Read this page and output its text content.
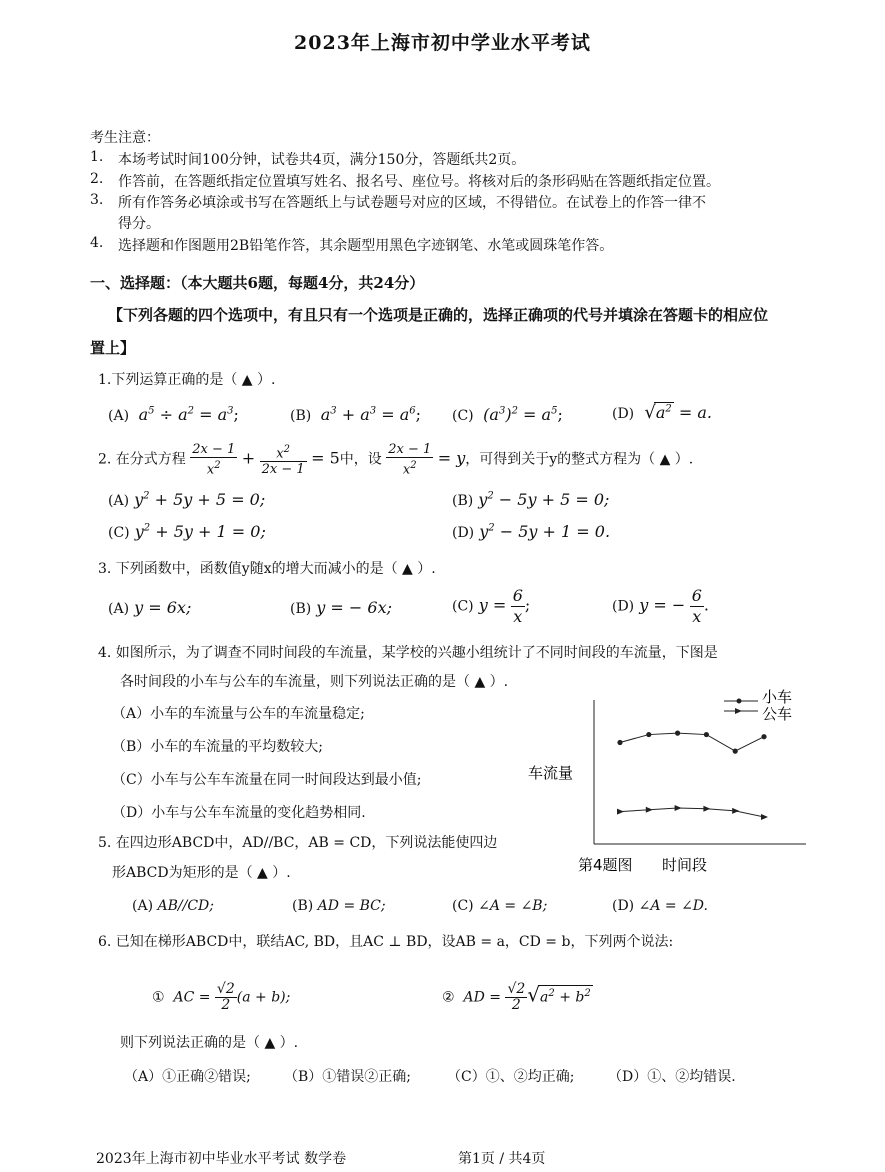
2023年上海市初中学业水平考试
考生注意：
1. 本场考试时间100分钟，试卷共4页，满分150分，答题纸共2页。
2. 作答前，在答题纸指定位置填写姓名、报名号、座位号。将核对后的条形码贴在答题纸指定位置。
3. 所有作答务必填涂或书写在答题纸上与试卷题号对应的区域，不得错位。在试卷上的作答一律不
得分。
4. 选择题和作图题用2B铅笔作答，其余题型用黑色字迹钢笔、水笔或圆珠笔作答。
一、选择题：（本大题共6题，每题4分，共24分）
【下列各题的四个选项中，有且只有一个选项是正确的，选择正确项的代号并填涂在答题卡的相应位
置上】
1.下列运算正确的是（ ▲ ）.
(A)  $a^5 \div a^2 = a^3$;	(B)  $a^3 + a^3 = a^6$; (C)  $(a^3)^2 = a^5$;	(D)  $√a^2 = a$.
2. 在分式方程 $\frac{2x - 1}{x^2} + \frac{x^2}{2x - 1} = 5$中，设 $\frac{2x - 1}{x^2} = y$，可得到关于y的整式方程为（ ▲ ）.
(A) $y^2 + 5y + 5 = 0$;	(B) $y^2 - 5y + 5 = 0$;
(C) $y^2 + 5y + 1 = 0$;	(D) $y^2 - 5y + 1 = 0$.
3. 下列函数中，函数值y随x的增大而减小的是（ ▲ ）.
(A) y = 6x;	(B) y = − 6x;	(C) $y = \frac{6}{x}$ ;	(D) y = − $\frac{6}{x}$ .
4. 如图所示，为了调查不同时间段的车流量，某学校的兴趣小组统计了不同时间段的车流量，下图是
各时间段的小车与公车的车流量，则下列说法正确的是（ ▲ ）.
（A）小车的车流量与公车的车流量稳定;
（B）小车的车流量的平均数较大;
（C）小车与公车车流量在同一时间段达到最小值;
（D）小车与公车车流量的变化趋势相同.
小车
公车
车流量
第4题图 时间段
5. 在四边形ABCD中，AD//BC，AB = CD，下列说法能使四边
形ABCD为矩形的是（ ▲ ）.
(A) AB//CD;	(B) AD = BC;	(C) ∠A = ∠B;	(D) ∠A = ∠D.
6. 已知在梯形ABCD中，联结AC, BD，且AC ⊥ BD，设AB = a，CD = b，下列两个说法:
①  AC = $\frac{√2}{2} (a + b)$;	②  AD = $\frac{√2}{2} √a^2 + b^2$
则下列说法正确的是（ ▲ ）.
（A）①正确②错误; （B）①错误②正确;	（C）①、②均正确; （D）①、②均错误.
2023年上海市初中毕业水平考试 数学卷	第1页 / 共4页
